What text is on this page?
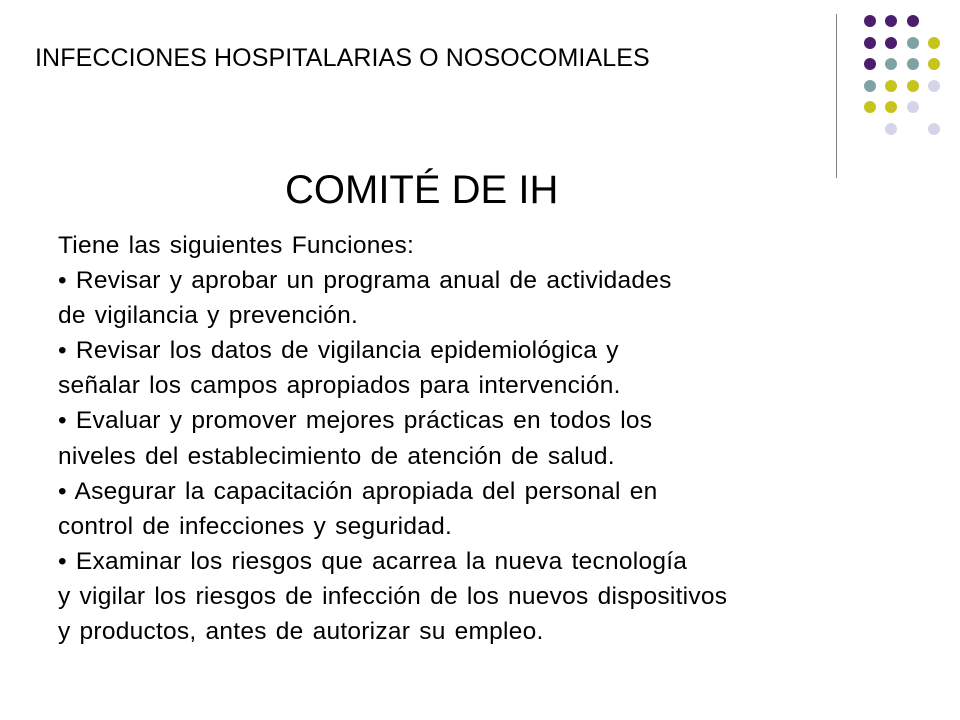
INFECCIONES HOSPITALARIAS O NOSOCOMIALES
COMITÉ DE IH

Tiene las siguientes Funciones:

• Revisar y aprobar un programa anual de actividades

de vigilancia y prevención.

• Revisar los datos de vigilancia epidemiológica y

señalar los campos apropiados para intervención.

• Evaluar y promover mejores prácticas en todos los

niveles del establecimiento de atención de salud.

• Asegurar la capacitación apropiada del personal en

control de infecciones y seguridad.

• Examinar los riesgos que acarrea la nueva tecnología

y vigilar los riesgos de infección de los nuevos dispositivos

y productos, antes de autorizar su empleo.
